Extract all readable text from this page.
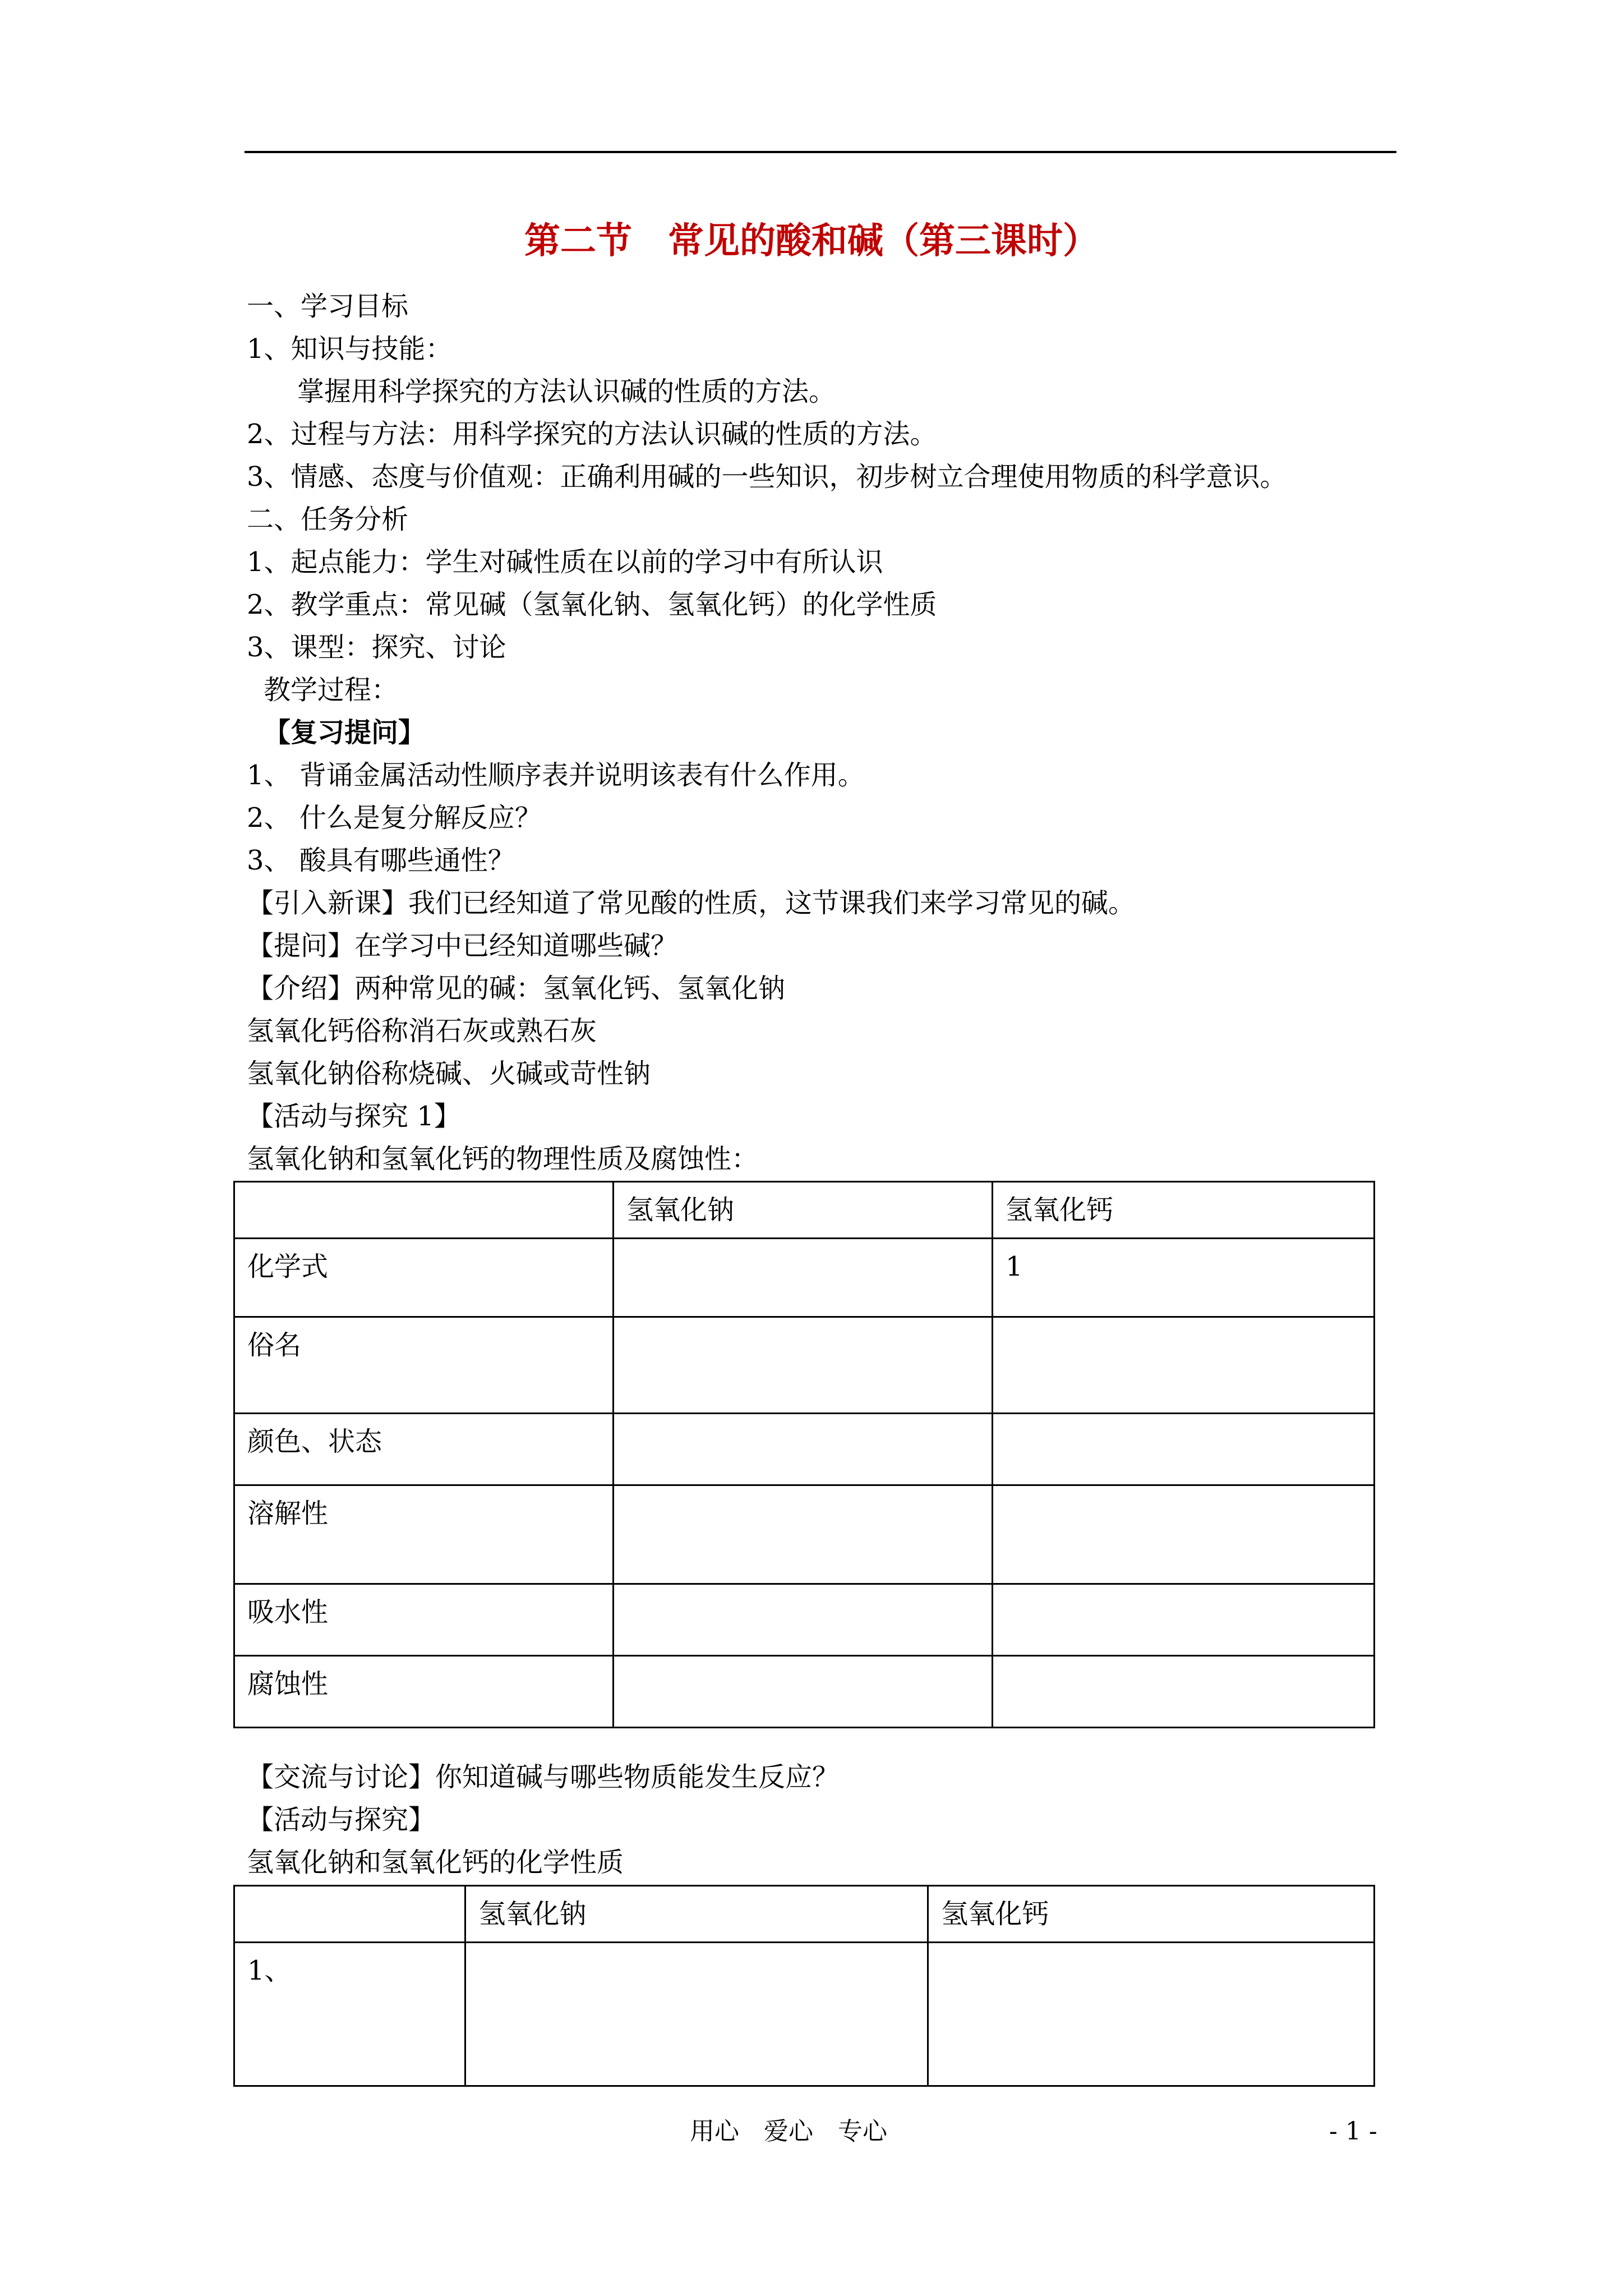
第二节　常见的酸和碱（第三课时）
一、学习目标
1、知识与技能：
掌握用科学探究的方法认识碱的性质的方法。
2、过程与方法：用科学探究的方法认识碱的性质的方法。
3、情感、态度与价值观：正确利用碱的一些知识，初步树立合理使用物质的科学意识。
二、任务分析
1、起点能力：学生对碱性质在以前的学习中有所认识
2、教学重点：常见碱（氢氧化钠、氢氧化钙）的化学性质
3、课型：探究、讨论
教学过程：
【复习提问】
1、 背诵金属活动性顺序表并说明该表有什么作用。
2、 什么是复分解反应？
3、 酸具有哪些通性？
【引入新课】我们已经知道了常见酸的性质，这节课我们来学习常见的碱。
【提问】在学习中已经知道哪些碱？
【介绍】两种常见的碱：氢氧化钙、氢氧化钠
氢氧化钙俗称消石灰或熟石灰
氢氧化钠俗称烧碱、火碱或苛性钠
【活动与探究 1】
氢氧化钠和氢氧化钙的物理性质及腐蚀性：
	氢氧化钠	氢氧化钙
化学式		1
俗名		
颜色、状态		
溶解性		
吸水性		
腐蚀性		
【交流与讨论】你知道碱与哪些物质能发生反应？
【活动与探究】
氢氧化钠和氢氧化钙的化学性质
	氢氧化钠	氢氧化钙
1、		
用心　爱心　专心	- 1 -
